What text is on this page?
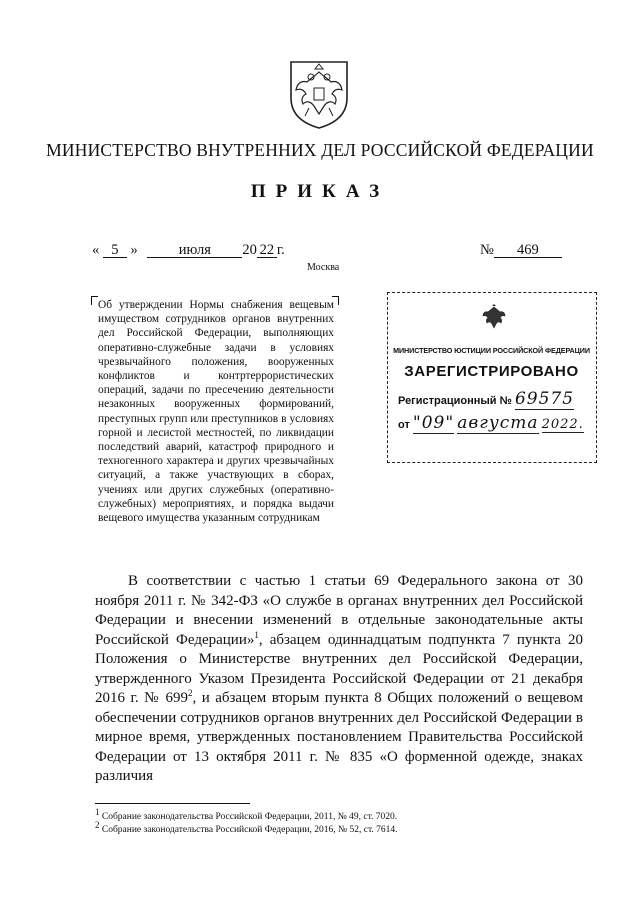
МИНИСТЕРСТВО ВНУТРЕННИХ ДЕЛ РОССИЙСКОЙ ФЕДЕРАЦИИ
ПРИКАЗ
« 5 »	июля 20 22 г.	№ 469
Москва
Об утверждении Нормы снабжения вещевым имуществом сотрудников органов внутренних дел Российской Федерации, выполняющих оперативно-служебные задачи в условиях чрезвычайного положения, вооруженных конфликтов и контртеррористических операций, задачи по пресечению деятельности незаконных вооруженных формирований, преступных групп или преступников в условиях горной и лесистой местностей, по ликвидации последствий аварий, катастроф природного и техногенного характера и других чрезвычайных ситуаций, а также участвующих в сборах, учениях или других служебных (оперативно-служебных) мероприятиях, и порядка выдачи вещевого имущества указанным сотрудникам
МИНИСТЕРСТВО ЮСТИЦИИ РОССИЙСКОЙ ФЕДЕРАЦИИ
ЗАРЕГИСТРИРОВАНО
Регистрационный № 69575
от "09" августа 2022.
В соответствии с частью 1 статьи 69 Федерального закона от 30 ноября 2011 г. № 342-ФЗ «О службе в органах внутренних дел Российской Федерации и внесении изменений в отдельные законодательные акты Российской Федерации»$^1$, абзацем одиннадцатым подпункта 7 пункта 20 Положения о Министерстве внутренних дел Российской Федерации, утвержденного Указом Президента Российской Федерации от 21 декабря 2016 г. № $699^2$, и абзацем вторым пункта 8 Общих положений о вещевом обеспечении сотрудников органов внутренних дел Российской Федерации в мирное время, утвержденных постановлением Правительства Российской Федерации от 13 октября 2011 г. № 835 «О форменной одежде, знаках различия
$^1$ Собрание законодательства Российской Федерации, 2011, № 49, ст. 7020.
$^2$ Собрание законодательства Российской Федерации, 2016, № 52, ст. 7614.
